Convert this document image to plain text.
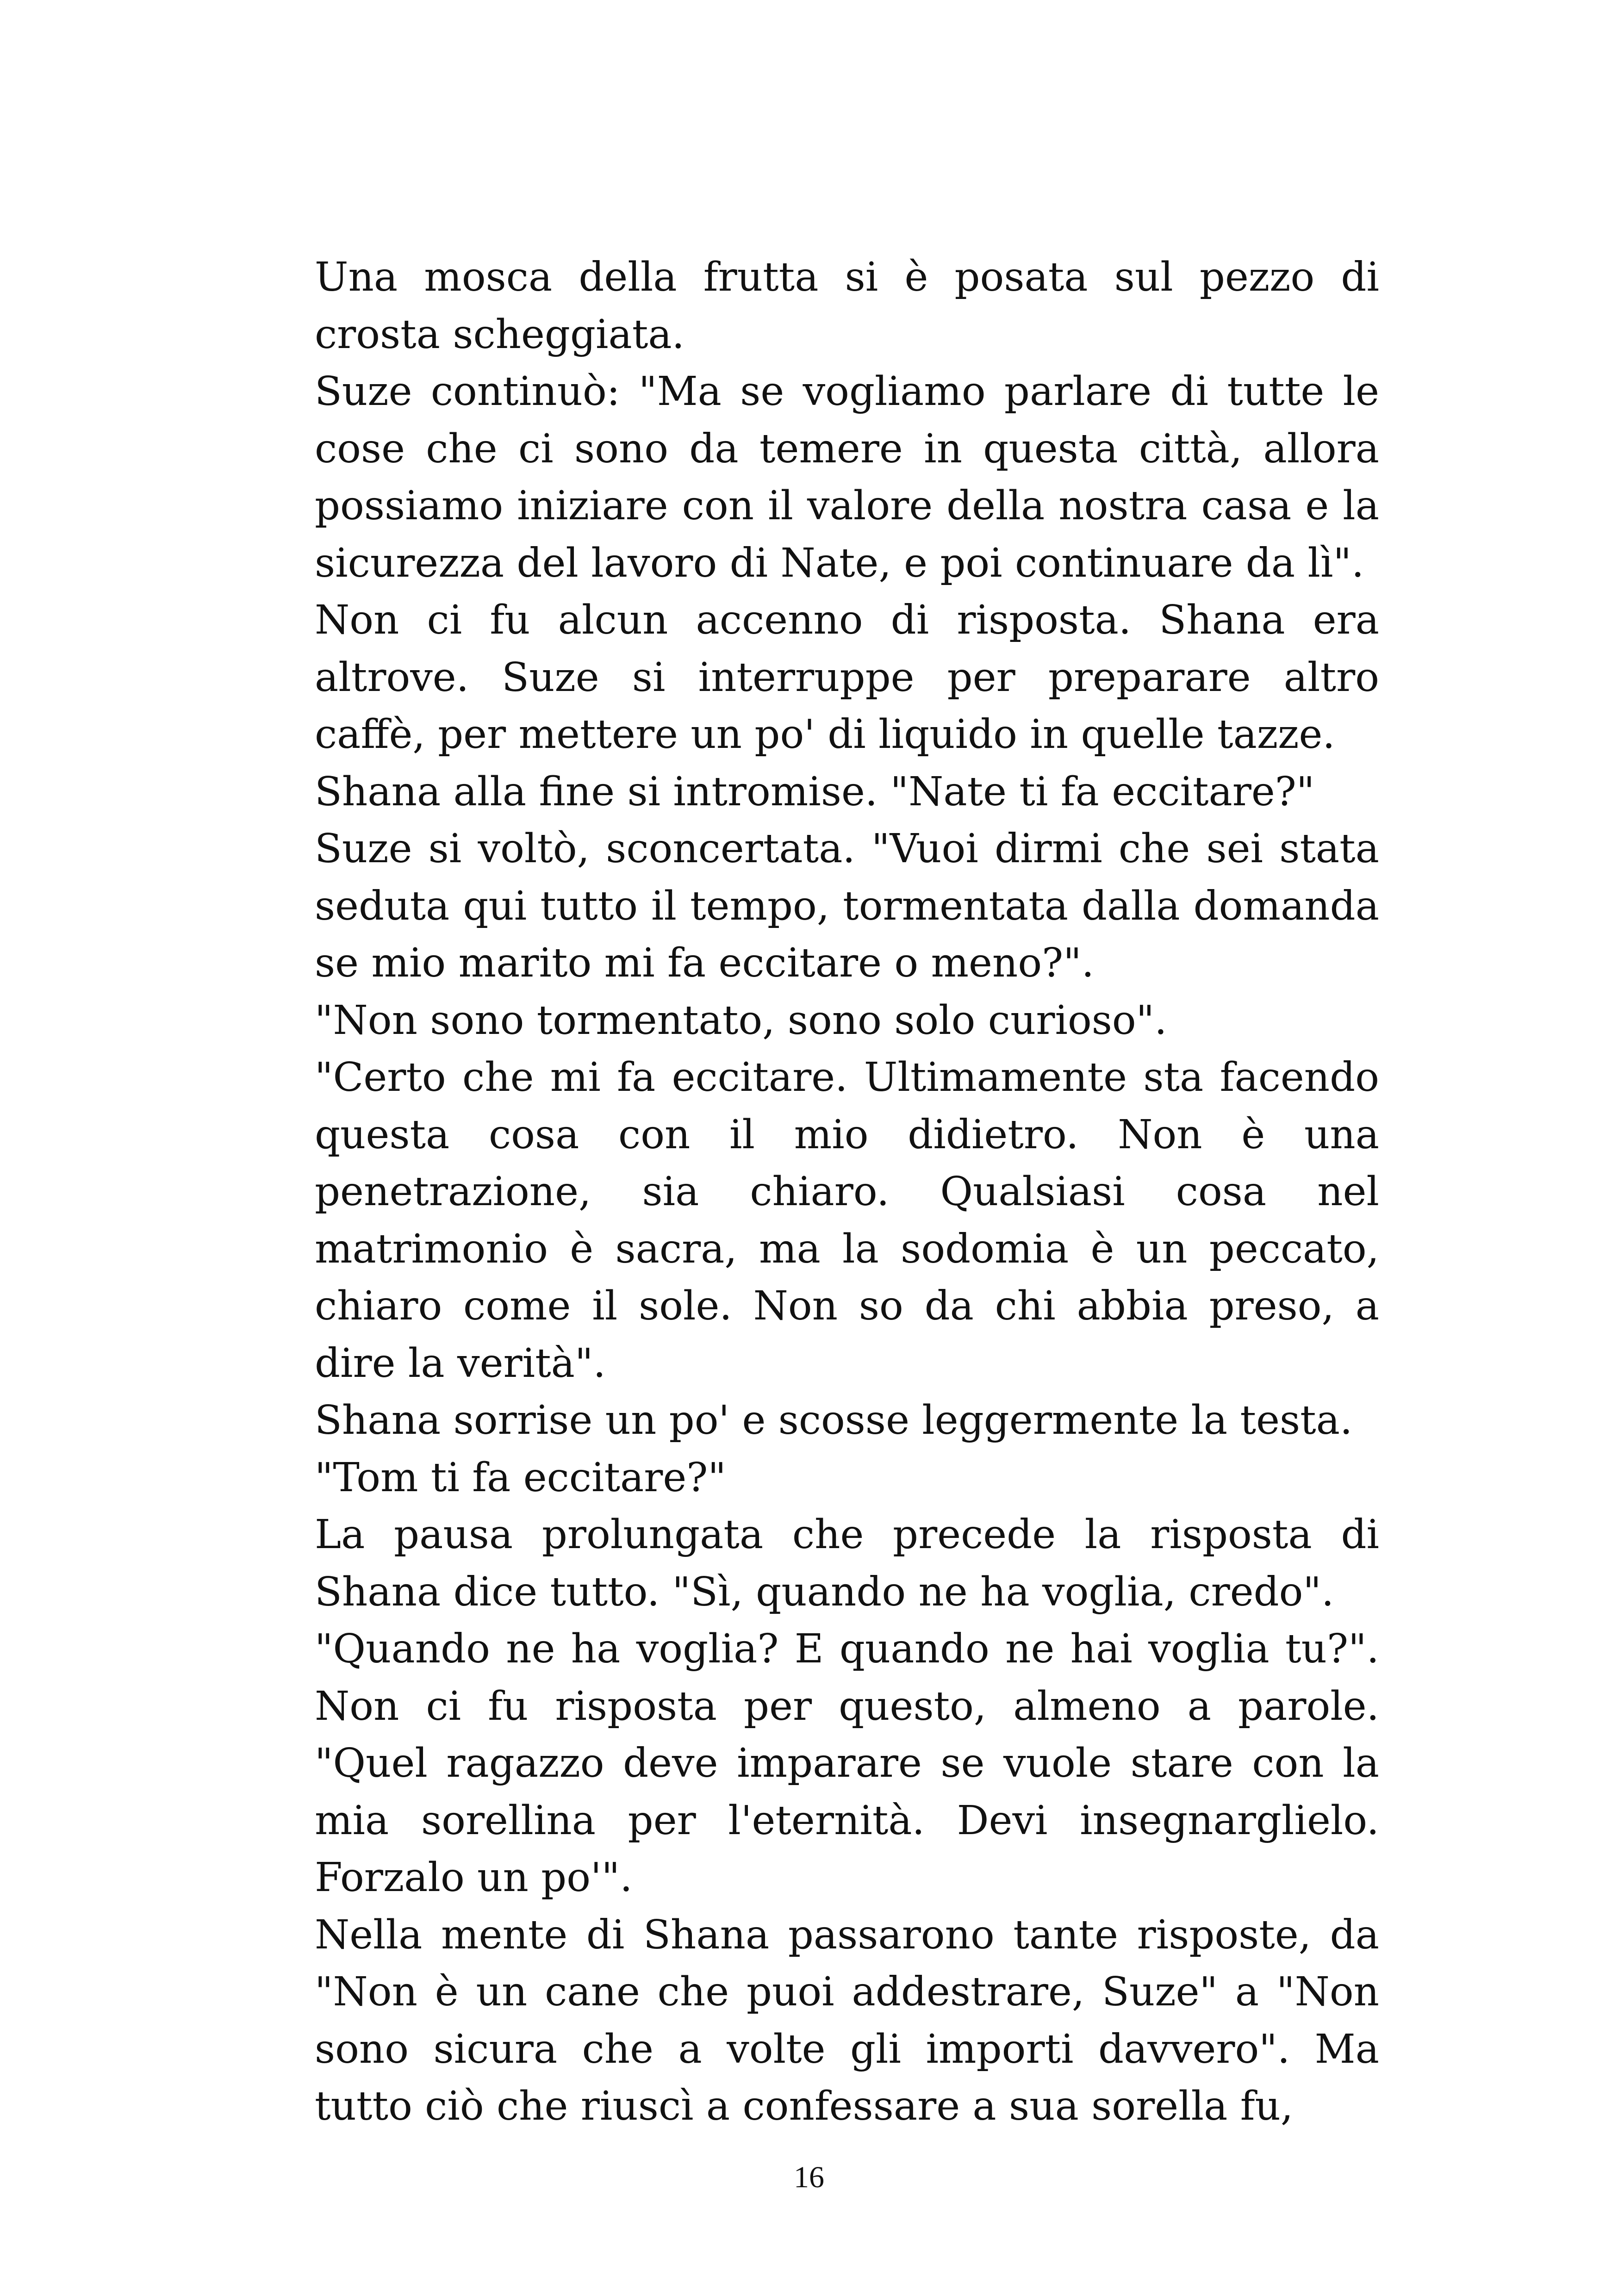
Una mosca della frutta si è posata sul pezzo di crosta scheggiata.

Suze continuò: "Ma se vogliamo parlare di tutte le cose che ci sono da temere in questa città, allora possiamo iniziare con il valore della nostra casa e la sicurezza del lavoro di Nate, e poi continuare da lì".

Non ci fu alcun accenno di risposta. Shana era altrove. Suze si interruppe per preparare altro caffè, per mettere un po' di liquido in quelle tazze.

Shana alla fine si intromise. "Nate ti fa eccitare?"

Suze si voltò, sconcertata. "Vuoi dirmi che sei stata seduta qui tutto il tempo, tormentata dalla domanda se mio marito mi fa eccitare o meno?".

"Non sono tormentato, sono solo curioso".

"Certo che mi fa eccitare. Ultimamente sta facendo questa cosa con il mio didietro. Non è una penetrazione, sia chiaro. Qualsiasi cosa nel matrimonio è sacra, ma la sodomia è un peccato, chiaro come il sole. Non so da chi abbia preso, a dire la verità".

Shana sorrise un po' e scosse leggermente la testa.

"Tom ti fa eccitare?"

La pausa prolungata che precede la risposta di Shana dice tutto. "Sì, quando ne ha voglia, credo".

"Quando ne ha voglia? E quando ne hai voglia tu?". Non ci fu risposta per questo, almeno a parole. "Quel ragazzo deve imparare se vuole stare con la mia sorellina per l'eternità. Devi insegnarglielo. Forzalo un po'".

Nella mente di Shana passarono tante risposte, da "Non è un cane che puoi addestrare, Suze" a "Non sono sicura che a volte gli importi davvero". Ma tutto ciò che riuscì a confessare a sua sorella fu,

16
